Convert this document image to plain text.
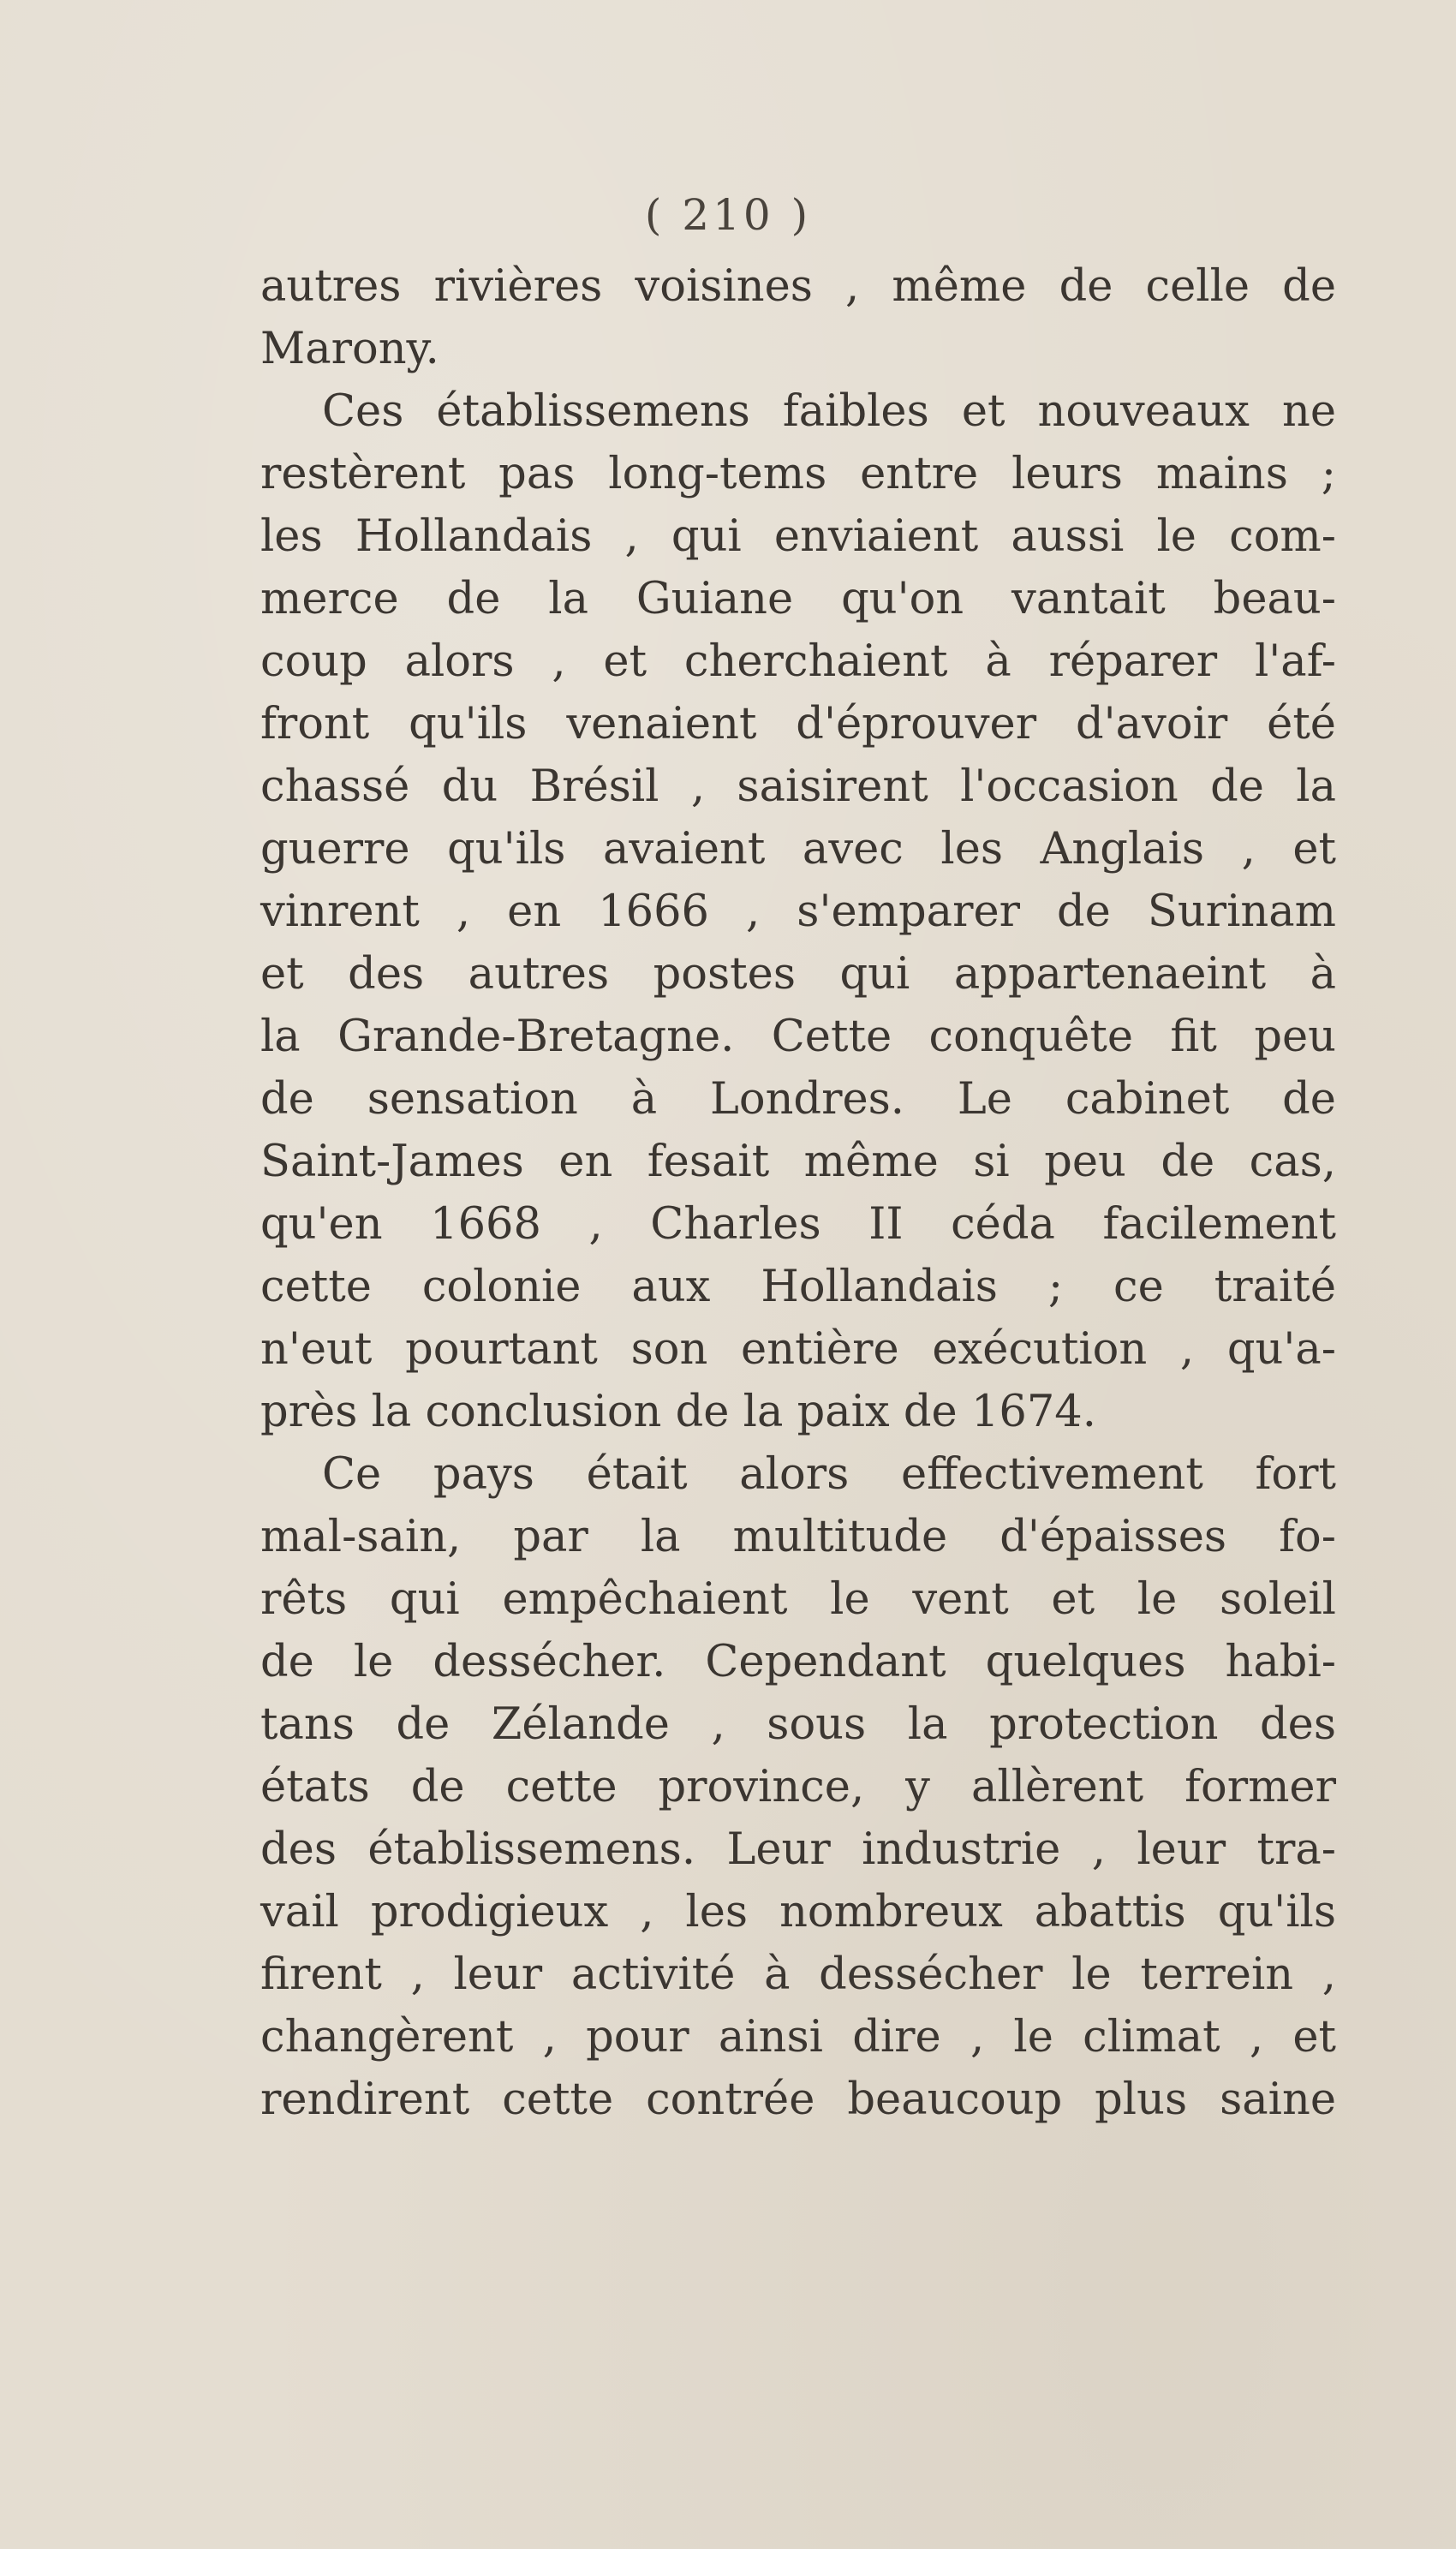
( 210 )
autres rivières voisines , même de celle de
Marony.
Ces établissemens faibles et nouveaux ne
restèrent pas long-tems entre leurs mains ;
les Hollandais , qui enviaient aussi le com-
merce de la Guiane qu'on vantait beau-
coup alors , et cherchaient à réparer l'af-
front qu'ils venaient d'éprouver d'avoir été
chassé du Brésil , saisirent l'occasion de la
guerre qu'ils avaient avec les Anglais , et
vinrent , en 1666 , s'emparer de Surinam
et des autres postes qui appartenaeint à
la Grande-Bretagne. Cette conquête fit peu
de sensation à Londres. Le cabinet de
Saint-James en fesait même si peu de cas,
qu'en 1668 , Charles II céda facilement
cette colonie aux Hollandais ; ce traité
n'eut pourtant son entière exécution , qu'a-
près la conclusion de la paix de 1674.
Ce pays était alors effectivement fort
mal-sain, par la multitude d'épaisses fo-
rêts qui empêchaient le vent et le soleil
de le dessécher. Cependant quelques habi-
tans de Zélande , sous la protection des
états de cette province, y allèrent former
des établissemens. Leur industrie , leur tra-
vail prodigieux , les nombreux abattis qu'ils
firent , leur activité à dessécher le terrein ,
changèrent , pour ainsi dire , le climat , et
rendirent cette contrée beaucoup plus saine
